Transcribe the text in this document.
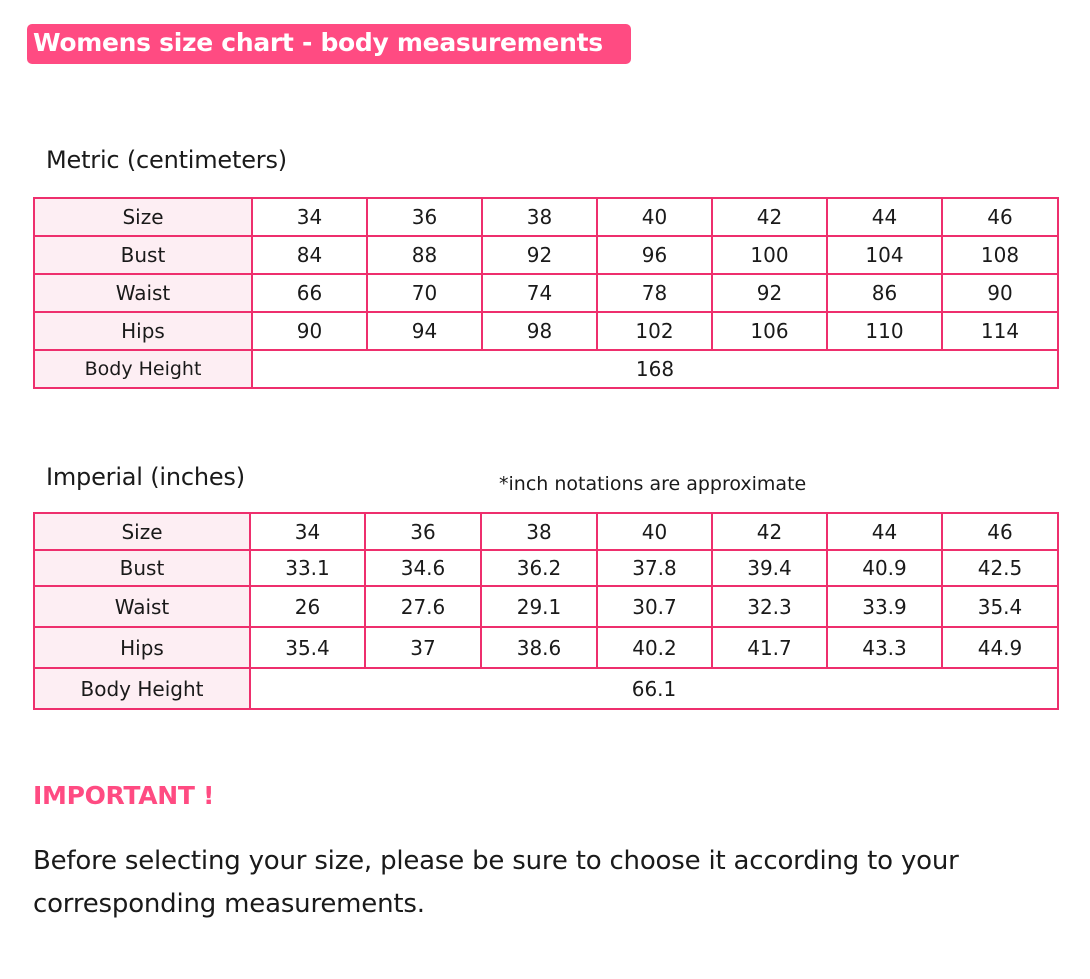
Womens size chart - body measurements
Metric (centimeters)
Size	34	36	38	40	42	44	46
Bust	84	88	92	96	100	104	108
Waist	66	70	74	78	92	86	90
Hips	90	94	98	102	106	110	114
Body Height	168						
Imperial (inches)	*inch notations are approximate
Size	34	36	38	40	42	44	46
Bust	33.1	34.6	36.2	37.8	39.4	40.9	42.5
Waist	26	27.6	29.1	30.7	32.3	33.9	35.4
Hips	35.4	37	38.6	40.2	41.7	43.3	44.9
Body Height	66.1						
IMPORTANT !
Before selecting your size, please be sure to choose it according to your corresponding measurements.
